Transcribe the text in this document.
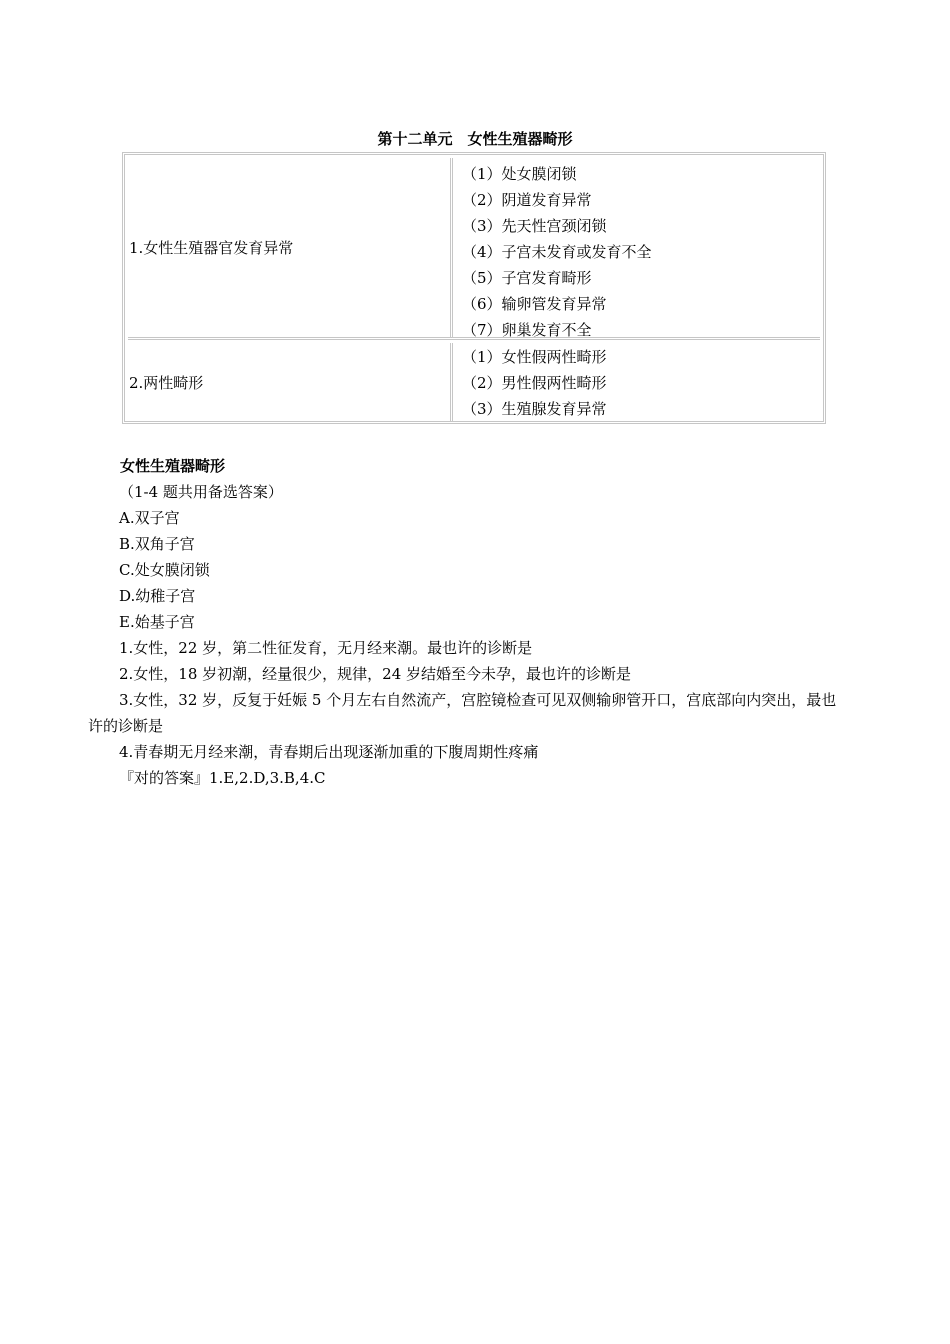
第十二单元　女性生殖器畸形
1.女性生殖器官发育异常
（1）处女膜闭锁
（2）阴道发育异常
（3）先天性宫颈闭锁
（4）子宫未发育或发育不全
（5）子宫发育畸形
（6）输卵管发育异常
（7）卵巢发育不全
2.两性畸形
（1）女性假两性畸形
（2）男性假两性畸形
（3）生殖腺发育异常
女性生殖器畸形
（1-4 题共用备选答案）
A.双子宫
B.双角子宫
C.处女膜闭锁
D.幼稚子宫
E.始基子宫
1.女性，22 岁，第二性征发育，无月经来潮。最也许的诊断是
2.女性，18 岁初潮，经量很少，规律，24 岁结婚至今未孕，最也许的诊断是
3.女性，32 岁，反复于妊娠 5 个月左右自然流产，宫腔镜检查可见双侧输卵管开口，宫底部向内突出，最也许的诊断是
4.青春期无月经来潮，青春期后出现逐渐加重的下腹周期性疼痛
『对的答案』1.E,2.D,3.B,4.C
